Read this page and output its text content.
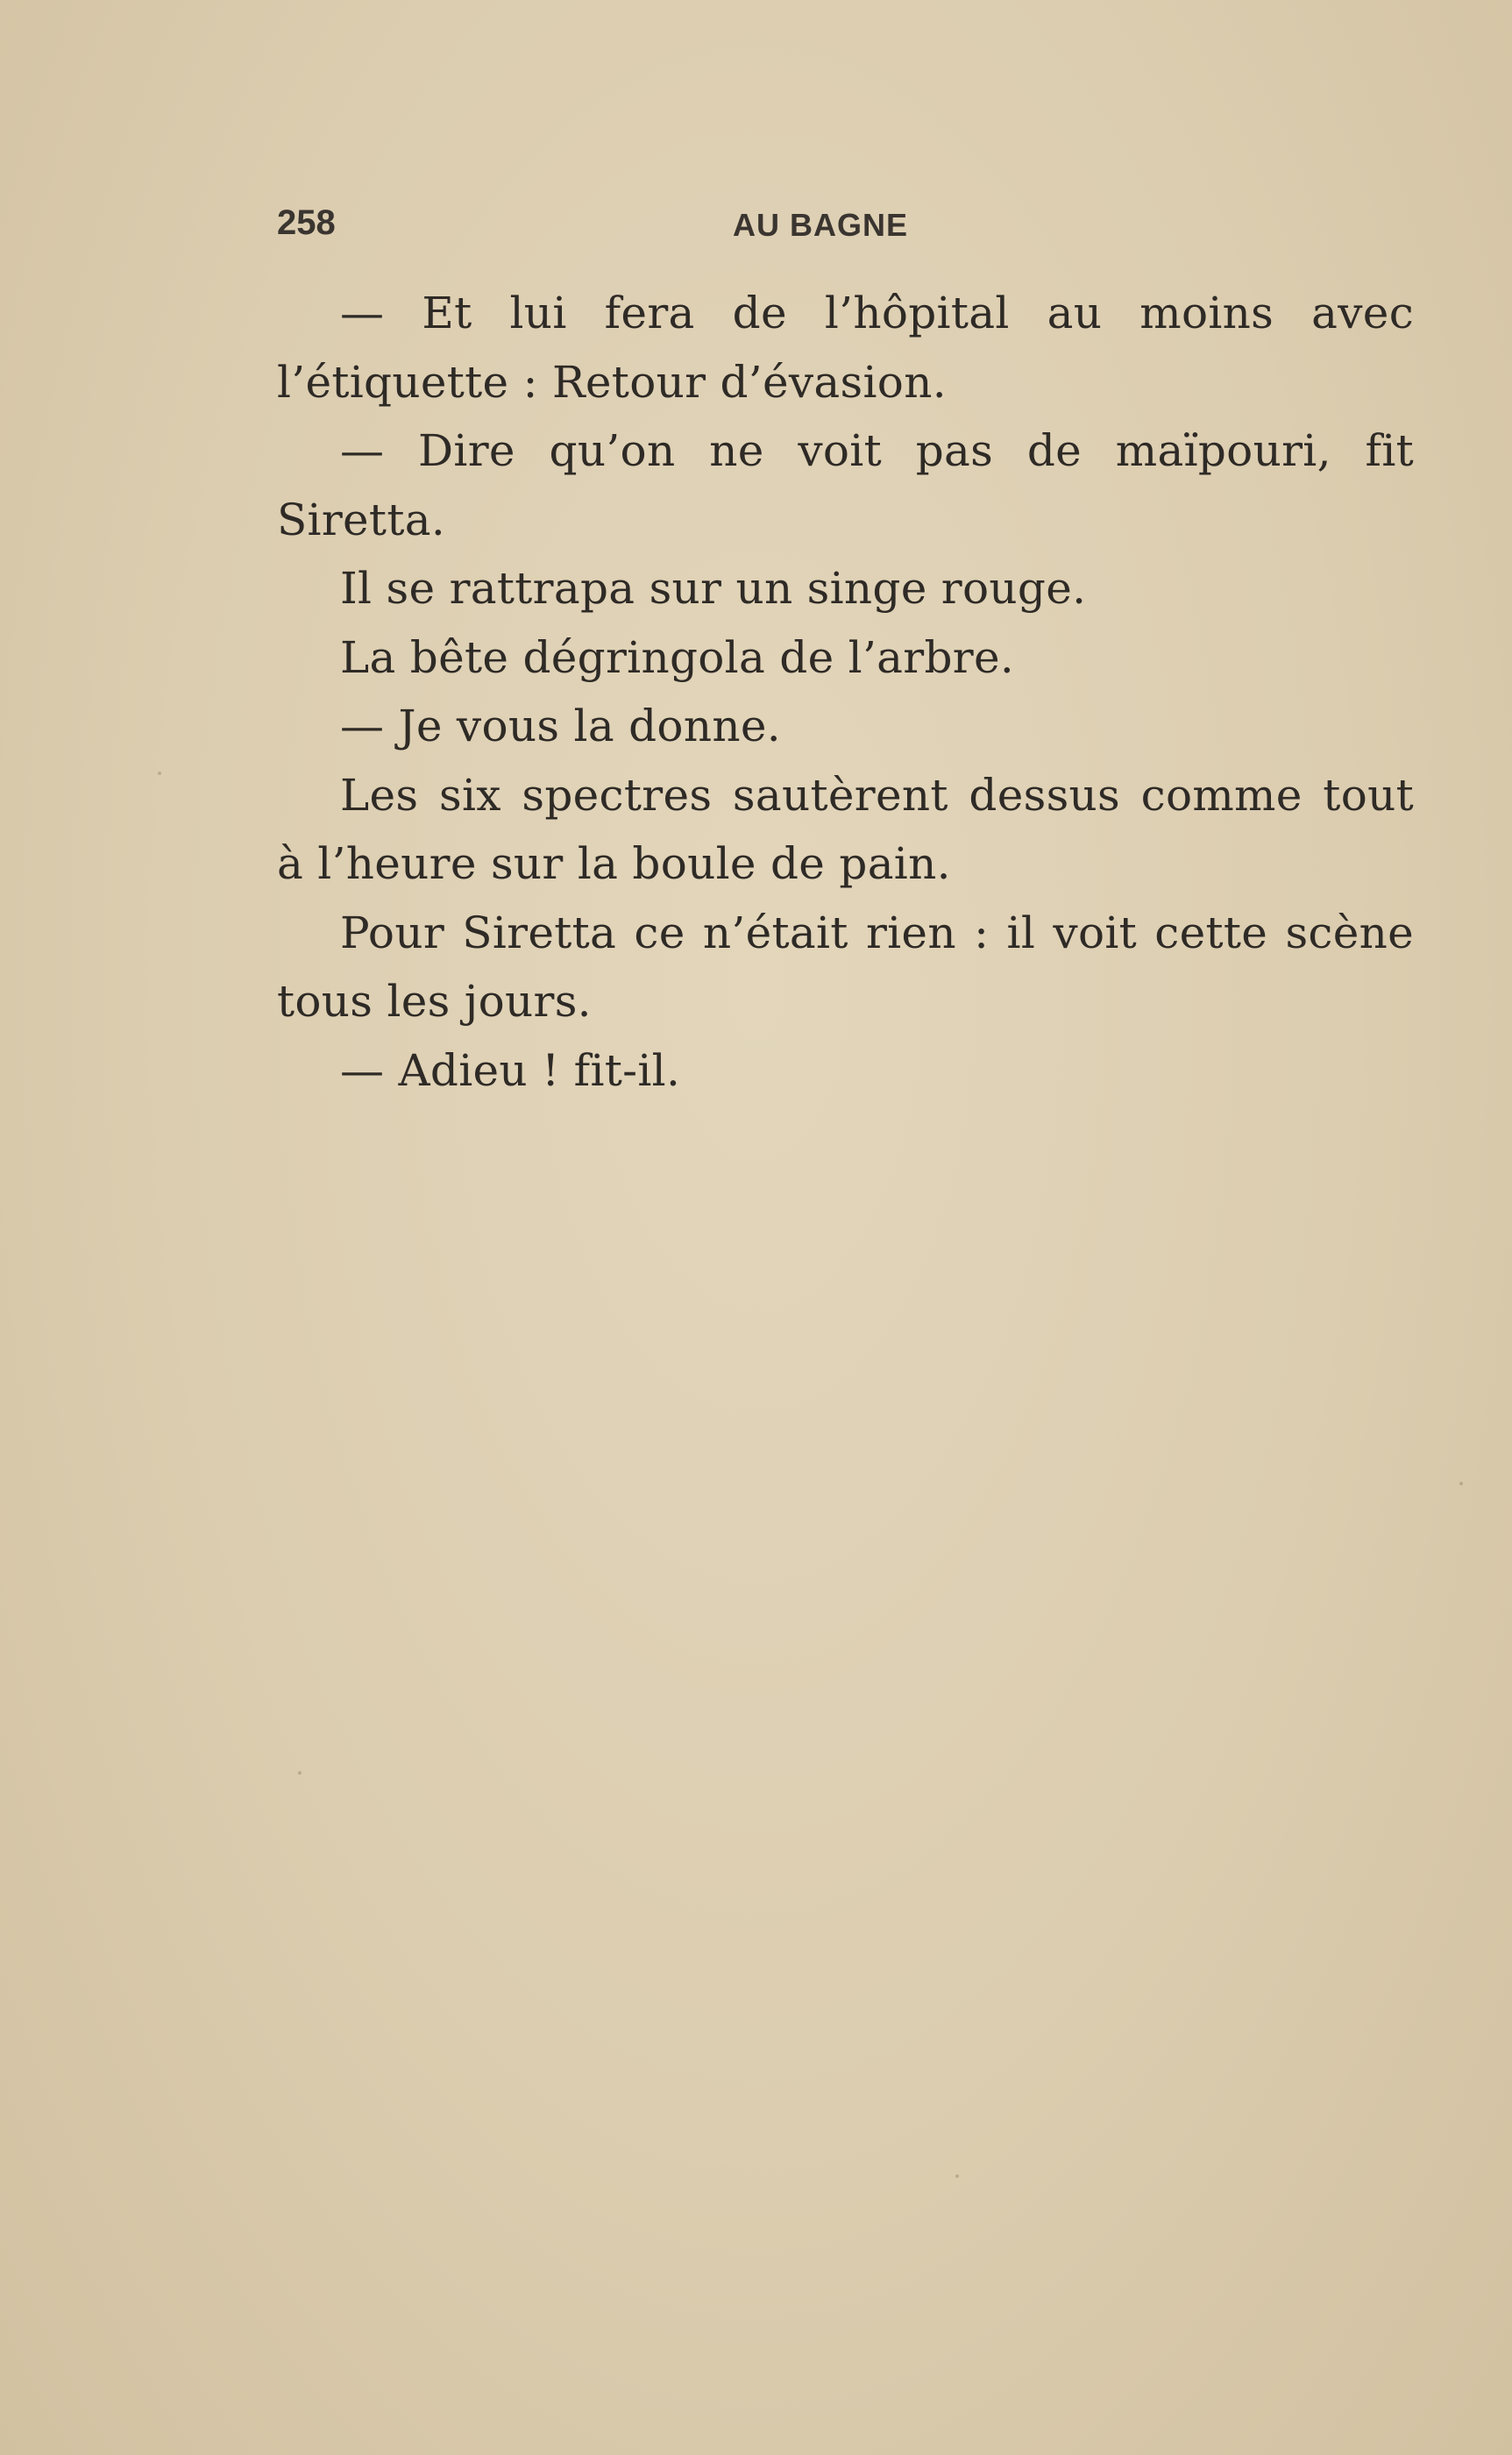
258	AU BAGNE

— Et lui fera de l’hôpital au moins avec l’étiquette : Retour d’évasion.

— Dire qu’on ne voit pas de maïpouri, fit Siretta.

Il se rattrapa sur un singe rouge.

La bête dégringola de l’arbre.

— Je vous la donne.

Les six spectres sautèrent dessus comme tout à l’heure sur la boule de pain.

Pour Siretta ce n’était rien : il voit cette scène tous les jours.

— Adieu ! fit-il.
